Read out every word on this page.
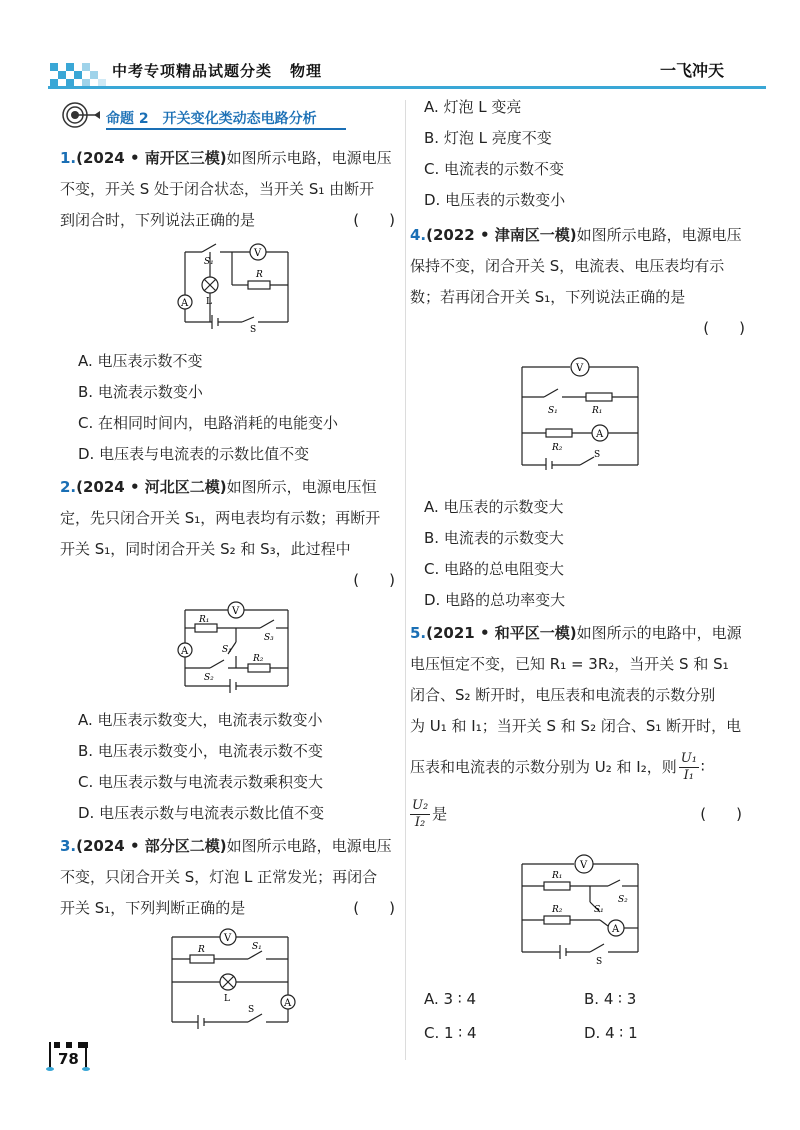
中考专项精品试题分类 物理	一飞冲天
命题 2　开关变化类动态电路分析
1.(2024 • 南开区三模)如图所示电路，电源电压
不变，开关 S 处于闭合状态，当开关 S₁ 由断开
到闭合时，下列说法正确的是	(　　)
V
A
S₁
R
L
S
A. 电压表示数不变
B. 电流表示数变小
C. 在相同时间内，电路消耗的电能变小
D. 电压表与电流表的示数比值不变
2.(2024 • 河北区二模)如图所示，电源电压恒
定，先只闭合开关 S₁，两电表均有示数；再断开
开关 S₁，同时闭合开关 S₂ 和 S₃，此过程中
(　　)
V
A
R₁
S₃
S₁
R₂
S₂
A. 电压表示数变大，电流表示数变小
B. 电压表示数变小，电流表示数不变
C. 电压表示数与电流表示数乘积变大
D. 电压表示数与电流表示数比值不变
3.(2024 • 部分区二模)如图所示电路，电源电压
不变，只闭合开关 S，灯泡 L 正常发光；再闭合
开关 S₁，下列判断正确的是	(　　)
V
A
R	S₁
L
S
A. 灯泡 L 变亮
B. 灯泡 L 亮度不变
C. 电流表的示数不变
D. 电压表的示数变小
4.(2022 • 津南区一模)如图所示电路，电源电压
保持不变，闭合开关 S，电流表、电压表均有示
数；若再闭合开关 S₁，下列说法正确的是
(　　)
V
A
S₁	R₁
R₂
S
A. 电压表的示数变大
B. 电流表的示数变大
C. 电路的总电阻变大
D. 电路的总功率变大
5.(2021 • 和平区一模)如图所示的电路中，电源
电压恒定不变，已知 R₁ = 3R₂，当开关 S 和 S₁
闭合、S₂ 断开时，电压表和电流表的示数分别
为 U₁ 和 I₁；当开关 S 和 S₂ 闭合、S₁ 断开时，电
压表和电流表的示数分别为 U₂ 和 I₂，则 U₁
I₁ ∶
U₂
I₂ 是	(　　)
V
A
R₁
S₂
S₁
R₂
S
A. 3 ∶ 4	B. 4 ∶ 3
C. 1 ∶ 4	D. 4 ∶ 1
78
